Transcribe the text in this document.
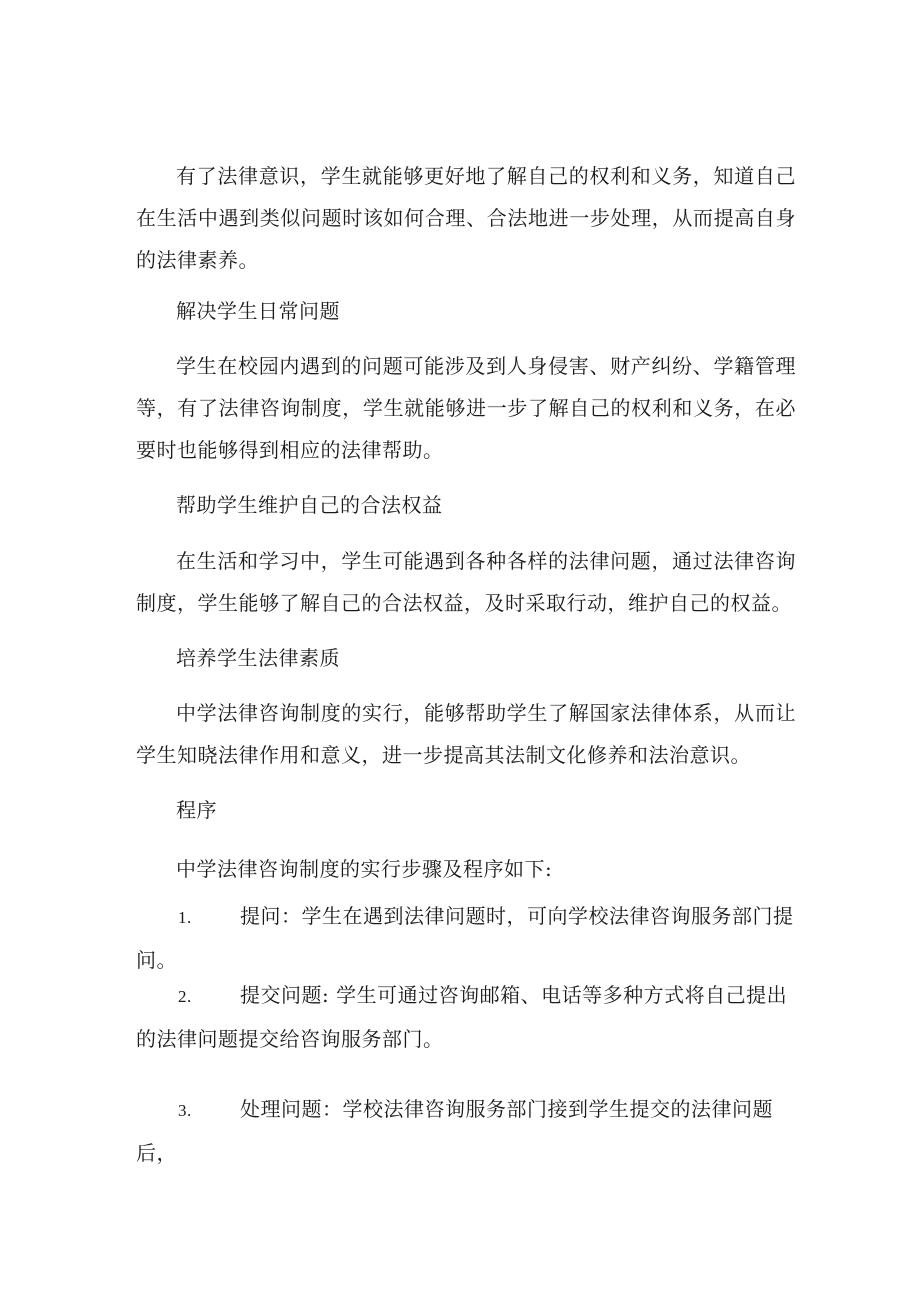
有了法律意识，学生就能够更好地了解自己的权利和义务，知道自己在生活中遇到类似问题时该如何合理、合法地进一步处理，从而提高自身的法律素养。

解决学生日常问题

学生在校园内遇到的问题可能涉及到人身侵害、财产纠纷、学籍管理等，有了法律咨询制度，学生就能够进一步了解自己的权利和义务，在必要时也能够得到相应的法律帮助。

帮助学生维护自己的合法权益

在生活和学习中，学生可能遇到各种各样的法律问题，通过法律咨询制度，学生能够了解自己的合法权益，及时采取行动，维护自己的权益。

培养学生法律素质

中学法律咨询制度的实行，能够帮助学生了解国家法律体系，从而让学生知晓法律作用和意义，进一步提高其法制文化修养和法治意识。

程序

中学法律咨询制度的实行步骤及程序如下:

1. 提问：学生在遇到法律问题时，可向学校法律咨询服务部门提问。

2. 提交问题: 学生可通过咨询邮箱、电话等多种方式将自己提出的法律问题提交给咨询服务部门。

3. 处理问题：学校法律咨询服务部门接到学生提交的法律问题后，
